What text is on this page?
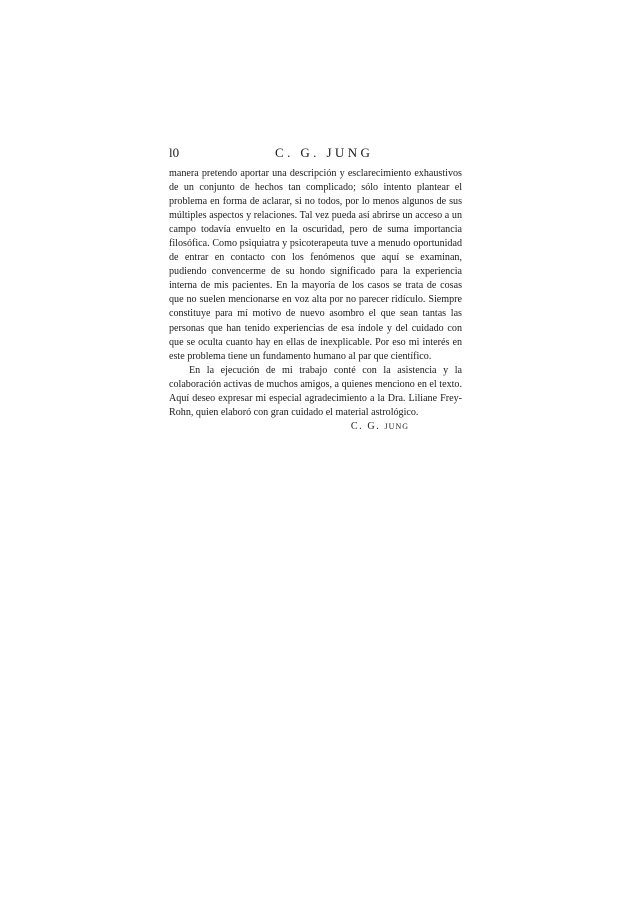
l0	C. G. JUNG

manera pretendo aportar una descripción y esclarecimiento exhaustivos de un conjunto de hechos tan complicado; sólo intento plantear el problema en forma de aclarar, si no todos, por lo menos algunos de sus múltiples aspectos y relaciones. Tal vez pueda así abrirse un acceso a un campo todavía envuelto en la oscuridad, pero de suma importancia filosófica. Como psiquiatra y psicoterapeuta tuve a menudo oportunidad de entrar en contacto con los fenómenos que aquí se examinan, pudiendo convencerme de su hondo significado para la experiencia interna de mis pacientes. En la mayoría de los casos se trata de cosas que no suelen mencionarse en voz alta por no parecer ridículo. Siempre constituye para mí motivo de nuevo asombro el que sean tantas las personas que han tenido experiencias de esa índole y del cuidado con que se oculta cuanto hay en ellas de inexplicable. Por eso mi interés en este problema tiene un fundamento humano al par que científico.

En la ejecución de mi trabajo conté con la asistencia y la colaboración activas de muchos amigos, a quienes menciono en el texto. Aquí deseo expresar mi especial agradecimiento a la Dra. Liliane Frey-Rohn, quien elaboró con gran cuidado el material astrológico.

C. G. JUNG
